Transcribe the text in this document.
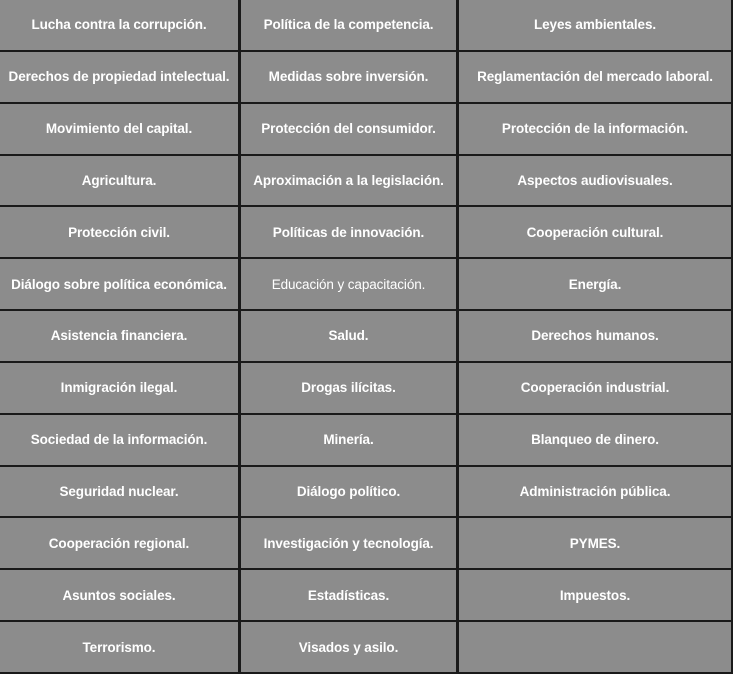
Lucha contra la corrupción.	Política de la competencia.	Leyes ambientales.
Derechos de propiedad intelectual.	Medidas sobre inversión.	Reglamentación del mercado laboral.
Movimiento del capital.	Protección del consumidor.	Protección de la información.
Agricultura.	Aproximación a la legislación.	Aspectos audiovisuales.
Protección civil.	Políticas de innovación.	Cooperación cultural.
Diálogo sobre política económica.	Educación y capacitación.	Energía.
Asistencia financiera.	Salud.	Derechos humanos.
Inmigración ilegal.	Drogas ilícitas.	Cooperación industrial.
Sociedad de la información.	Minería.	Blanqueo de dinero.
Seguridad nuclear.	Diálogo político.	Administración pública.
Cooperación regional.	Investigación y tecnología.	PYMES.
Asuntos sociales.	Estadísticas.	Impuestos.
Terrorismo.	Visados y asilo.
